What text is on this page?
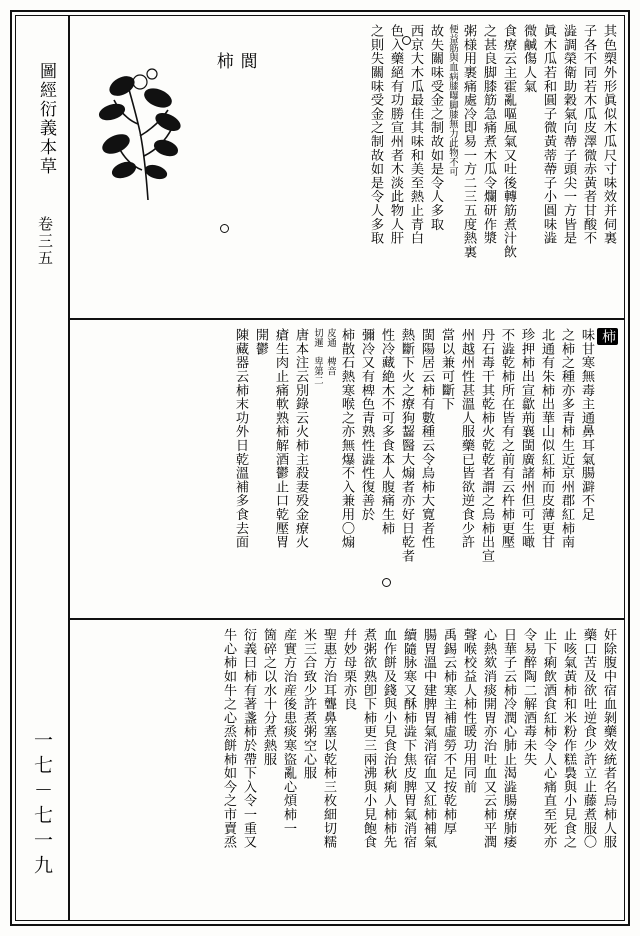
圖經衍義本草
卷三五
一七－七一九
其色槊外形眞似木瓜尺寸味效并伺裏
子各不同若木瓜皮澤微赤黃者甘酸不
澁調榮衛助穀氣向蔕子頭尖一方皆是
眞木瓜若和圓子微黃蒂蔕子小圓味澁
微鹹傷人氣
食療云主霍亂嘔風氣又吐後轉筋煮汁飲
之甚良脚膝筋急痛煮木瓜令爛研作漿
粥様用裹痛處冷即易一方二三五度熱裏
便益筋與血病膝曝脚膝無力此物不可
故失關味受金之制故如是令人多取
西京大木瓜最佳其味和美至熱止青白
色入藥絕有功勝宣州者木淡此物人肝
之則失關味受金之制故如是令人多取
閬
柿
柿
味甘寒無毒主通鼻耳氣腸澼不足
之柿之種亦多青柿生近京州郡紅柿南
北通有朱柿出華山似紅柿而皮薄更甘
珍押柿出宣歙荊襄閩廣諸州但可生噉
不澁乾柿所在皆有之前有云杵柿更壓
丹石毒干其乾柿火乾乾者謂之烏柿出宣
州越州性甚溫人服藥已皆欲逆食少許
當以兼可斷下
閩陽居云柿有數種云令烏柿大寛者性
熱斷下火之療狗齧醫大煽者亦好日乾者
性冷藏絶木不可多食本人腹痛生柿
彌冷又有椑色青熟性澁性復善於
柿散石熱寒喉之亦無爆不入兼用〇煽
皮通　椑音
切暹　卑第二
唐本注云別錄云火柿主殺妻殁金療火
瘡生肉止痛軟熟柿解酒鬱止口乾壓胃
開鬱
陳藏器云柿末功外日乾溫補多食去面
奸除腹中宿血剝藥效統者名烏柿人服
藥口苦及欲吐逆食少許立止藤煮服〇
止咳氣黃柿和米粉作糕裊與小見食之
止下痢飲酒食紅柿令人心痛直至死亦
令易醉陶二解酒毒未失
日華子云柿冷潤心肺止渴澁腸療肺痿
心熱欬消痰開胃亦治吐血又云柿平潤
聲喉校益人柿性暖功用同前
禹錫云柿寒主補虛勞不足按乾柿厚
腸胃溫中建脾胃氣消宿血又紅柿補氣
續隨脉寒又酥柿澁下焦皮脾胃氣消宿
血作餅及錢與小見食治秋痢人柿柿先
煮粥欲熟卽下柿更三兩沸與小見飽食
幷妙母栗亦良
聖惠方治耳聾鼻塞以乾柿三枚細切糯
米三合致少許煮粥空心服
産實方治産後患痰寒盜亂心煩柿一
箇碎之以水十分煮熱服
衍義曰柿有著盞柿於帶下入令一重又
牛心柿如牛之心烝餅柿如今之市賣烝
